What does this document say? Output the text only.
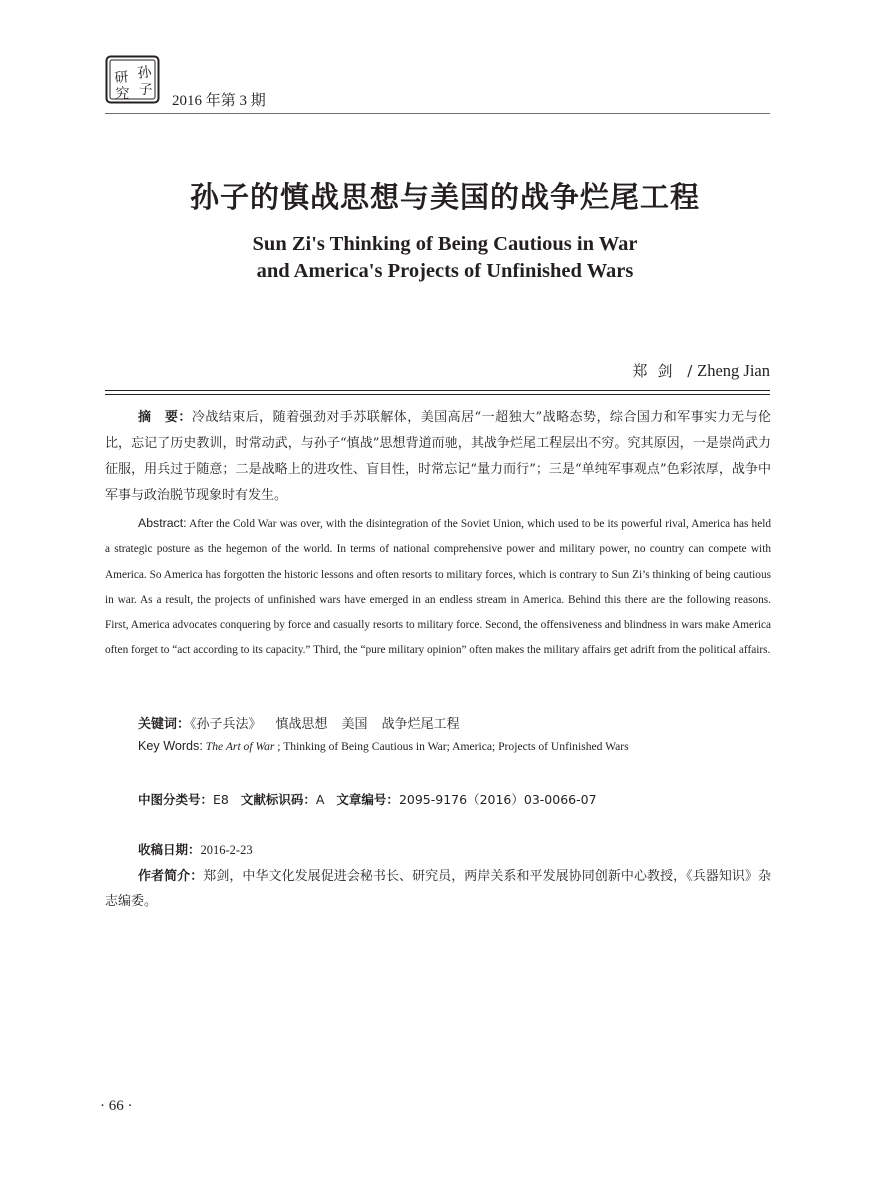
孙
子
研
究	2016 年第 3 期
孙子的慎战思想与美国的战争烂尾工程
Sun Zi's Thinking of Being Cautious in War
and America's Projects of Unfinished Wars
郑剑 / Zheng Jian
摘　要：冷战结束后，随着强劲对手苏联解体，美国高居“一超独大”战略态势，综合国力和军事实力无与伦比，忘记了历史教训，时常动武，与孙子“慎战”思想背道而驰，其战争烂尾工程层出不穷。究其原因，一是崇尚武力征服，用兵过于随意；二是战略上的进攻性、盲目性，时常忘记“量力而行”；三是“单纯军事观点”色彩浓厚，战争中军事与政治脱节现象时有发生。
Abstract: After the Cold War was over, with the disintegration of the Soviet Union, which used to be its powerful rival, America has held a strategic posture as the hegemon of the world. In terms of national comprehensive power and military power, no country can compete with America. So America has forgotten the historic lessons and often resorts to military forces, which is contrary to Sun Zi’s thinking of being cautious in war. As a result, the projects of unfinished wars have emerged in an endless stream in America. Behind this there are the following reasons. First, America advocates conquering by force and casually resorts to military force. Second, the offensiveness and blindness in wars make America often forget to “act according to its capacity.” Third, the “pure military opinion” often makes the military affairs get adrift from the political affairs.
关键词：《孙子兵法》 慎战思想 美国 战争烂尾工程
Key Words: The Art of War ; Thinking of Being Cautious in War; America; Projects of Unfinished Wars
中图分类号：E8 文献标识码：A 文章编号：2095-9176（2016）03-0066-07
收稿日期：2016-2-23
作者简介：郑剑，中华文化发展促进会秘书长、研究员，两岸关系和平发展协同创新中心教授，《兵器知识》杂志编委。
· 66 ·
